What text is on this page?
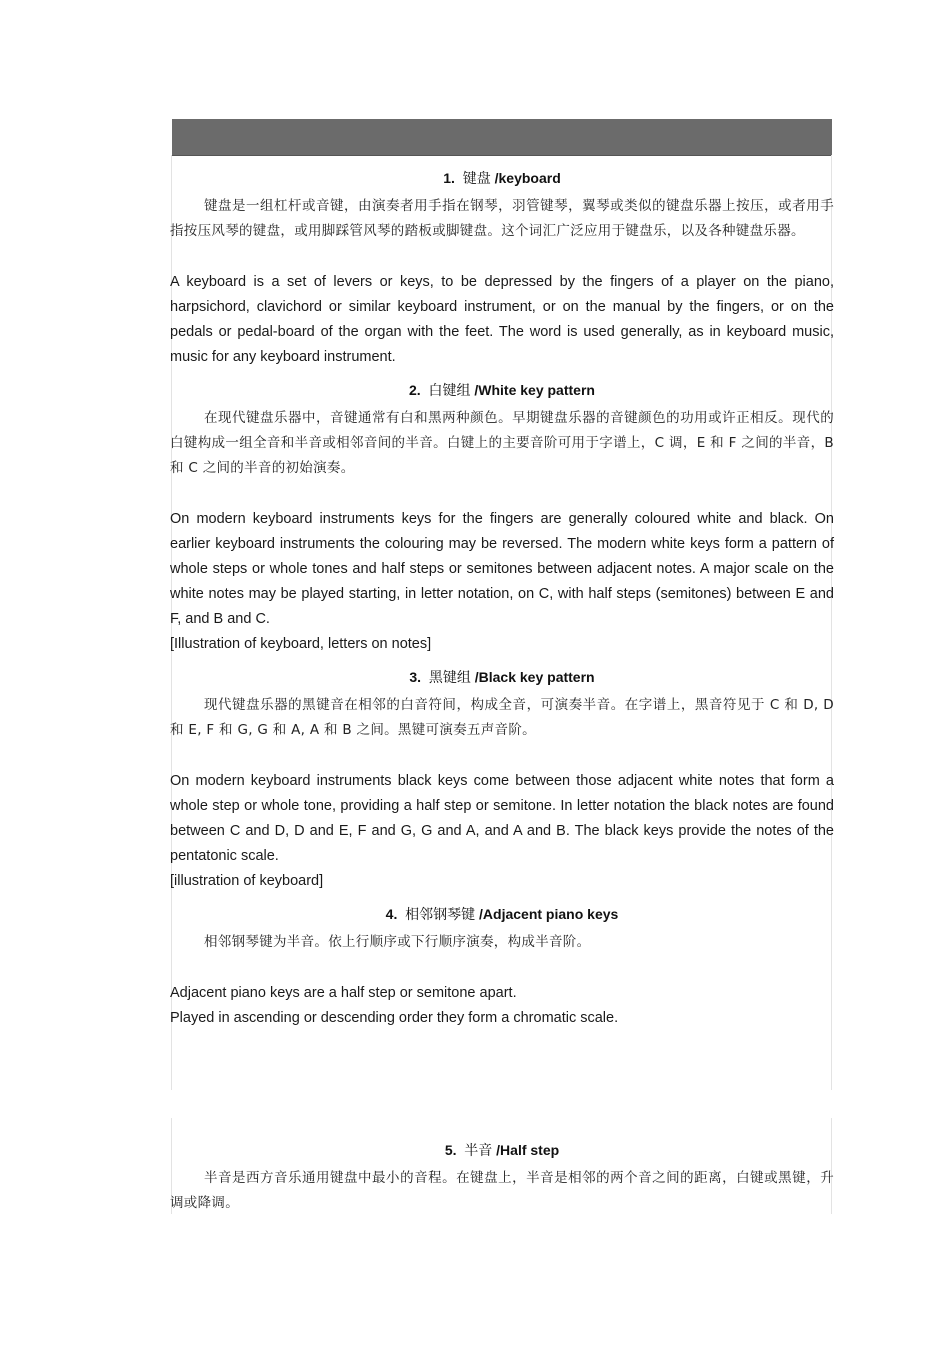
1. 键盘 /keyboard

键盘是一组杠杆或音键，由演奏者用手指在钢琴，羽管键琴，翼琴或类似的键盘乐器上按压，或者用手指按压风琴的键盘，或用脚踩管风琴的踏板或脚键盘。这个词汇广泛应用于键盘乐，以及各种键盘乐器。

A keyboard is a set of levers or keys, to be depressed by the fingers of a player on the piano, harpsichord, clavichord or similar keyboard instrument, or on the manual by the fingers, or on the pedals or pedal-board of the organ with the feet. The word is used generally, as in keyboard music, music for any keyboard instrument.

2. 白键组 /White key pattern

在现代键盘乐器中，音键通常有白和黑两种颜色。早期键盘乐器的音键颜色的功用或许正相反。现代的白键构成一组全音和半音或相邻音间的半音。白键上的主要音阶可用于字谱上，C 调，E 和 F 之间的半音，B 和 C 之间的半音的初始演奏。

On modern keyboard instruments keys for the fingers are generally coloured white and black. On earlier keyboard instruments the colouring may be reversed. The modern white keys form a pattern of whole steps or whole tones and half steps or semitones between adjacent notes. A major scale on the white notes may be played starting, in letter notation, on C, with half steps (semitones) between E and F, and B and C.

[Illustration of keyboard, letters on notes]

3. 黑键组 /Black key pattern

现代键盘乐器的黑键音在相邻的白音符间，构成全音，可演奏半音。在字谱上，黑音符见于 C 和 D, D 和 E, F 和 G, G 和 A, A 和 B 之间。黑键可演奏五声音阶。

On modern keyboard instruments black keys come between those adjacent white notes that form a whole step or whole tone, providing a half step or semitone. In letter notation the black notes are found between C and D, D and E, F and G, G and A, and A and B. The black keys provide the notes of the pentatonic scale.

[illustration of keyboard]

4. 相邻钢琴键 /Adjacent piano keys

相邻钢琴键为半音。依上行顺序或下行顺序演奏，构成半音阶。

Adjacent piano keys are a half step or semitone apart.

Played in ascending or descending order they form a chromatic scale.

5. 半音 /Half step

半音是西方音乐通用键盘中最小的音程。在键盘上，半音是相邻的两个音之间的距离，白键或黑键，升调或降调。
